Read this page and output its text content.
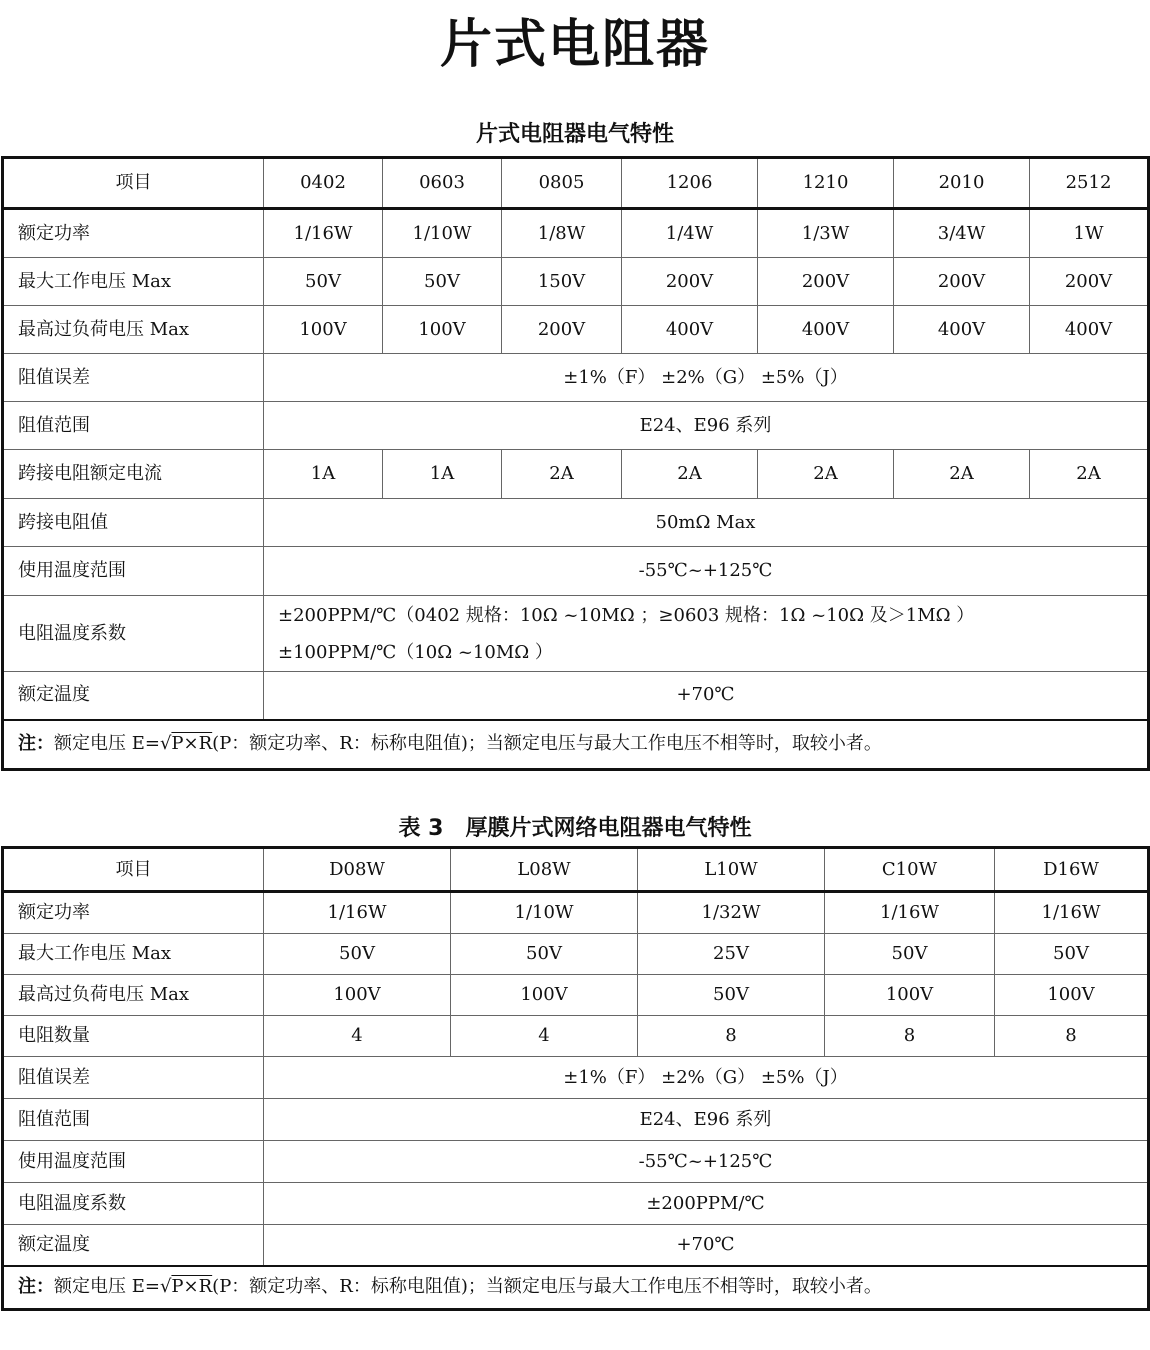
片式电阻器
片式电阻器电气特性
项目	0402	0603	0805	1206	1210	2010	2512
额定功率	1/16W	1/10W	1/8W	1/4W	1/3W	3/4W	1W
最大工作电压 Max	50V	50V	150V	200V	200V	200V	200V
最高过负荷电压 Max	100V	100V	200V	400V	400V	400V	400V
阻值误差	±1%（F） ±2%（G） ±5%（J）						
阻值范围	E24、E96 系列						
跨接电阻额定电流	1A	1A	2A	2A	2A	2A	2A
跨接电阻值	50mΩ Max						
使用温度范围	-55℃~+125℃						
电阻温度系数	±200PPM/℃（0402 规格：10Ω ~10MΩ ；≥0603 规格：1Ω ~10Ω 及＞1MΩ ）
±100PPM/℃（10Ω ~10MΩ ）						

额定温度	+70℃						
注：额定电压 E=√P×R(P：额定功率、R：标称电阻值)；当额定电压与最大工作电压不相等时，取较小者。							
表 3　厚膜片式网络电阻器电气特性
项目	D08W	L08W	L10W	C10W	D16W
额定功率	1/16W	1/10W	1/32W	1/16W	1/16W
最大工作电压 Max	50V	50V	25V	50V	50V
最高过负荷电压 Max	100V	100V	50V	100V	100V
电阻数量	4	4	8	8	8
阻值误差	±1%（F） ±2%（G） ±5%（J）				
阻值范围	E24、E96 系列				
使用温度范围	-55℃~+125℃				
电阻温度系数	±200PPM/℃				
额定温度	+70℃				
注：额定电压 E=√P×R(P：额定功率、R：标称电阻值)；当额定电压与最大工作电压不相等时，取较小者。					
